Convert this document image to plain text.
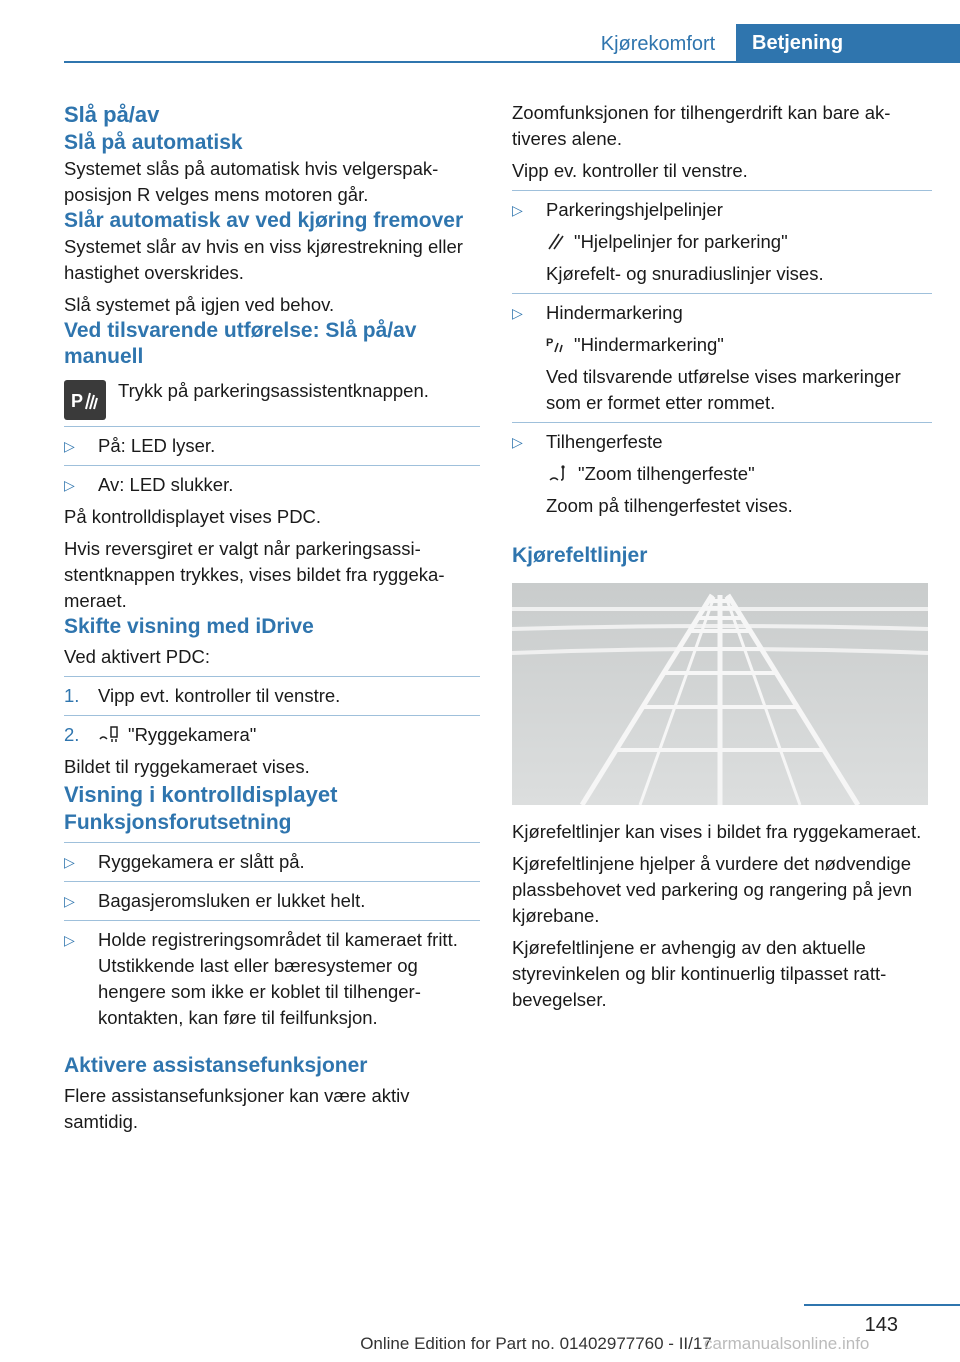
Kjørekomfort	Betjening
Slå på/av
Slå på automatisk

Systemet slås på automatisk hvis velgerspakposisjon R velges mens motoren går.

Slår automatisk av ved kjøring fremover

Systemet slår av hvis en viss kjørestrekning eller hastighet overskrides.

Slå systemet på igjen ved behov.

Ved tilsvarende utførelse: Slå på/av manuell
P Trykk på parkeringsassistentknappen.

▷	På: LED lyser.
▷	Av: LED slukker.

På kontrolldisplayet vises PDC.

Hvis reversgiret er valgt når parkeringsassistentknappen trykkes, vises bildet fra ryggekameraet.

Skifte visning med iDrive

Ved aktivert PDC:

1. Vipp evt. kontroller til venstre.
2.	"Ryggekamera"

Bildet til ryggekameraet vises.

Visning i kontrolldisplayet
Funksjonsforutsetning
▷	Ryggekamera er slått på.
▷	Bagasjeromsluken er lukket helt.
▷	Holde registreringsområdet til kameraet fritt. Utstikkende last eller bæresystemer og hengere som ikke er koblet til tilhengerkontakten, kan føre til feilfunksjon.
Aktivere assistansefunksjoner

Flere assistansefunksjoner kan være aktiv samtidig.

Zoomfunksjonen for tilhengerdrift kan bare aktiveres alene.

Vipp ev. kontroller til venstre.

▷	Parkeringshjelpelinjer
"Hjelpelinjer for parkering"
Kjørefelt- og snuradiuslinjer vises.
▷	Hindermarkering
P "Hindermarkering"
Ved tilsvarende utførelse vises markeringer som er formet etter rommet.
▷	Tilhengerfeste
"Zoom tilhengerfeste"
Zoom på tilhengerfestet vises.
Kjørefeltlinjer

Kjørefeltlinjer kan vises i bildet fra ryggekameraet.

Kjørefeltlinjene hjelper å vurdere det nødvendige plassbehovet ved parkering og rangering på jevn kjørebane.

Kjørefeltlinjene er avhengig av den aktuelle styrevinkelen og blir kontinuerlig tilpasset rattbevegelser.

143
Online Edition for Part no. 01402977760 - II/17
carmanualsonline.info
